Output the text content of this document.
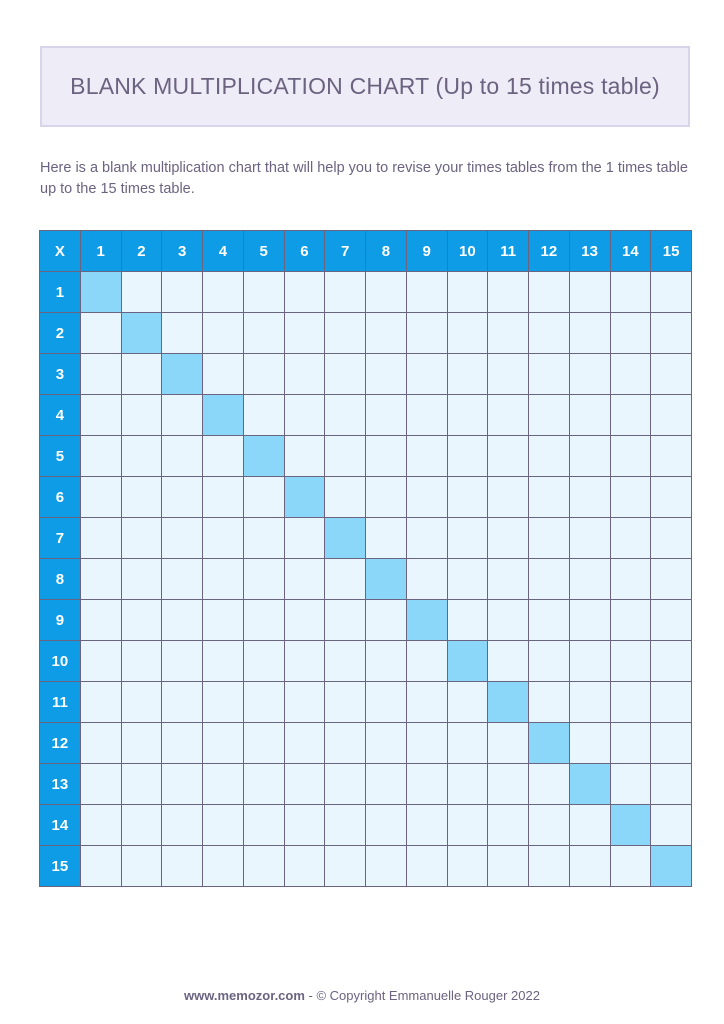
BLANK MULTIPLICATION CHART (Up to 15 times table)
Here is a blank multiplication chart that will help you to revise your times tables from the 1 times table up to the 15 times table.
X	1	2	3	4	5	6	7	8	9	10	11	12	13	14	15
1
2
3
4
5
6
7
8
9
10
11
12
13
14
15
www.memozor.com - © Copyright Emmanuelle Rouger 2022
